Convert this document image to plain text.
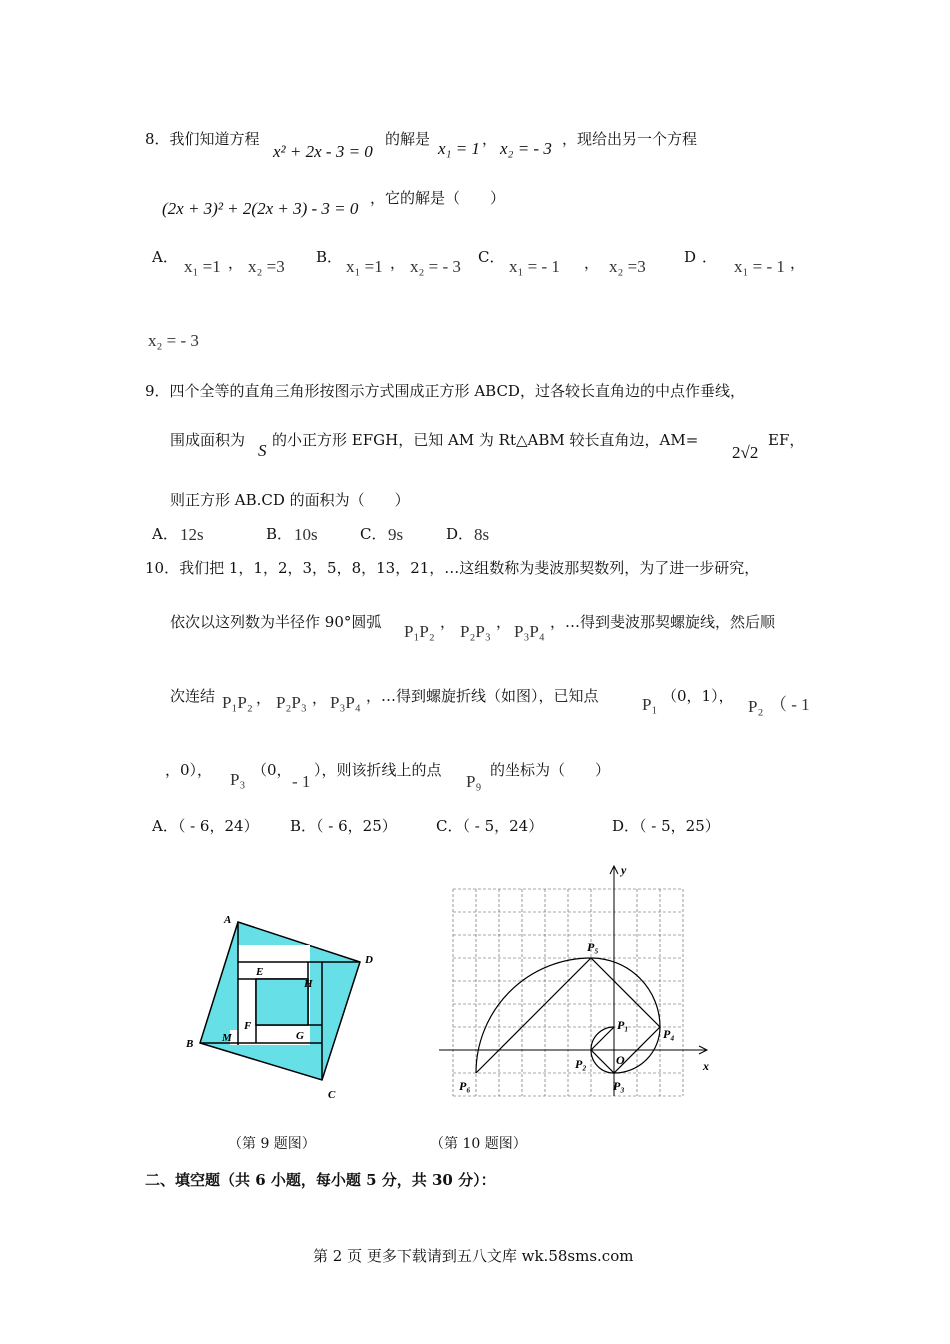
8．我们知道方程
x² + 2x - 3 = 0
的解是 x₁ = 1 ， x₂ = - 3 ，现给出另一个方程
(2x + 3)² + 2(2x + 3) - 3 = 0
，它的解是（　　）
A． x₁ =1 ， x₂ =3 B． x₁ =1 ， x₂ = - 3 C． x₁ = - 1 ， x₂ =3	D． x₁ = - 1 ，
x₂ = - 3
9．四个全等的直角三角形按图示方式围成正方形 ABCD，过各较长直角边的中点作垂线，
围成面积为
S
的小正方形 EFGH，已知 AM 为 Rt△ABM 较长直角边，AM=
2√2
EF，
则正方形 AB.CD 的面积为（　　）
A． 12s	B． 10s	C． 9s	D． 8s
10．我们把 1，1，2，3，5，8，13，21，…这组数称为斐波那契数列，为了进一步研究，
依次以这列数为半径作 90°圆弧 P₁P₂ ， P₂P₃ ， P₃P₄ ，…得到斐波那契螺旋线，然后顺
次连结 P₁P₂ ， P₂P₃ ， P₃P₄ ，…得到螺旋折线（如图），已知点	P₁ （0，1），
P₂ （ - 1
，0）， P₃ （0，
- 1
），则该折线上的点
P₉
的坐标为（　　）
A．（ - 6，24） B．（ - 6，25）	C．（ - 5，24）	D．（ - 5，25）
A
B
C
D
E
F
G
H
M
x
y
O
P₁
P₂
P₃
P₄
P₅
P₆
（第 9 题图）	（第 10 题图）
二、填空题（共 6 小题，每小题 5 分，共 30 分）：
第 2 页 更多下载请到五八文库 wk.58sms.com
